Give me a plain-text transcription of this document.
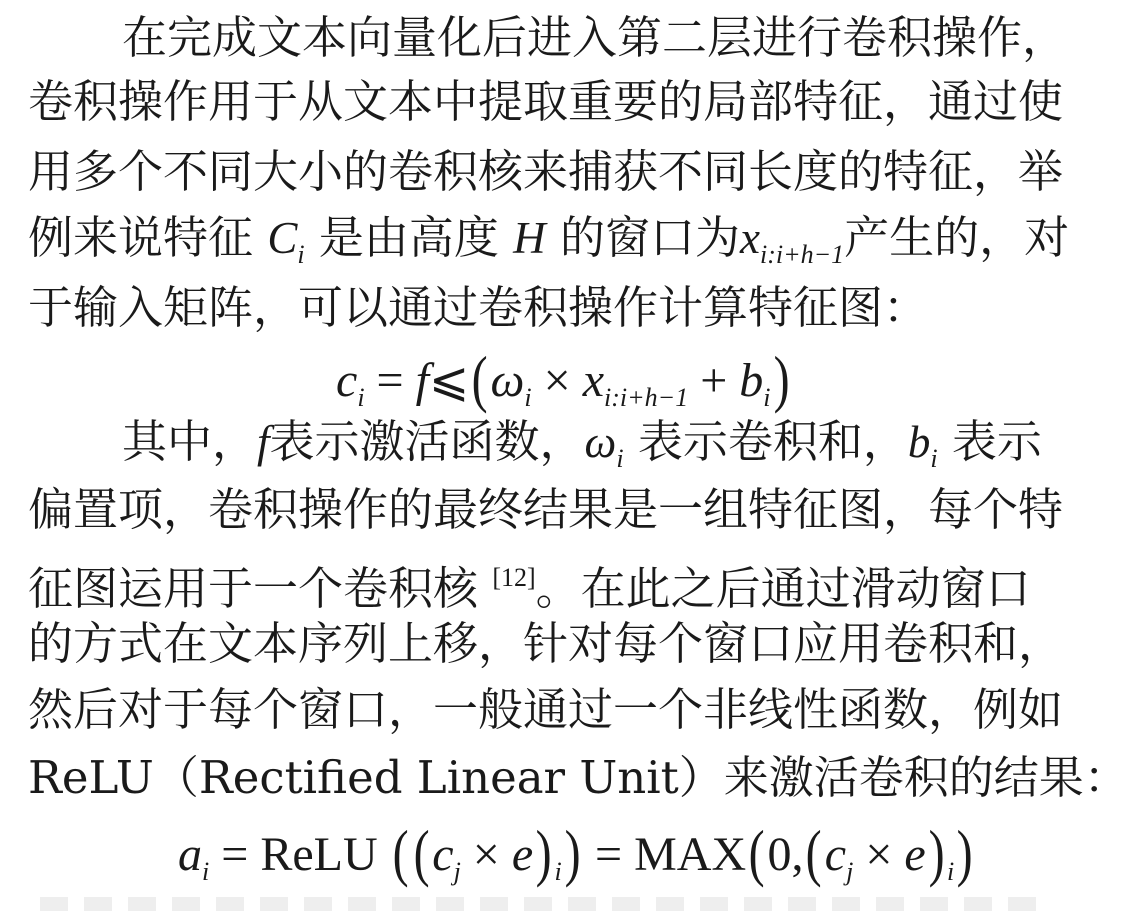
在完成文本向量化后进入第二层进行卷积操作，
卷积操作用于从文本中提取重要的局部特征，通过使
用多个不同大小的卷积核来捕获不同长度的特征，举
例来说特征 $C_i$ 是由高度 H 的窗口为$x_{i:i+h-1}$产生的，对
于输入矩阵，可以通过卷积操作计算特征图：
$c_i$ = $f⩽(\omega_i \times x_{i:i+h-1} + b_i)$
其中，f表示激活函数，$\omega_i$ 表示卷积和，$b_i$ 表示
偏置项，卷积操作的最终结果是一组特征图，每个特
征图运用于一个卷积核 [12]。在此之后通过滑动窗口
的方式在文本序列上移，针对每个窗口应用卷积和，
然后对于每个窗口，一般通过一个非线性函数，例如
ReLU（Rectified Linear Unit）来激活卷积的结果：
$a_i$ = ReLU $((c_j \times e) _i) = MAX(0,(c_j \times e)$ $_i$)
